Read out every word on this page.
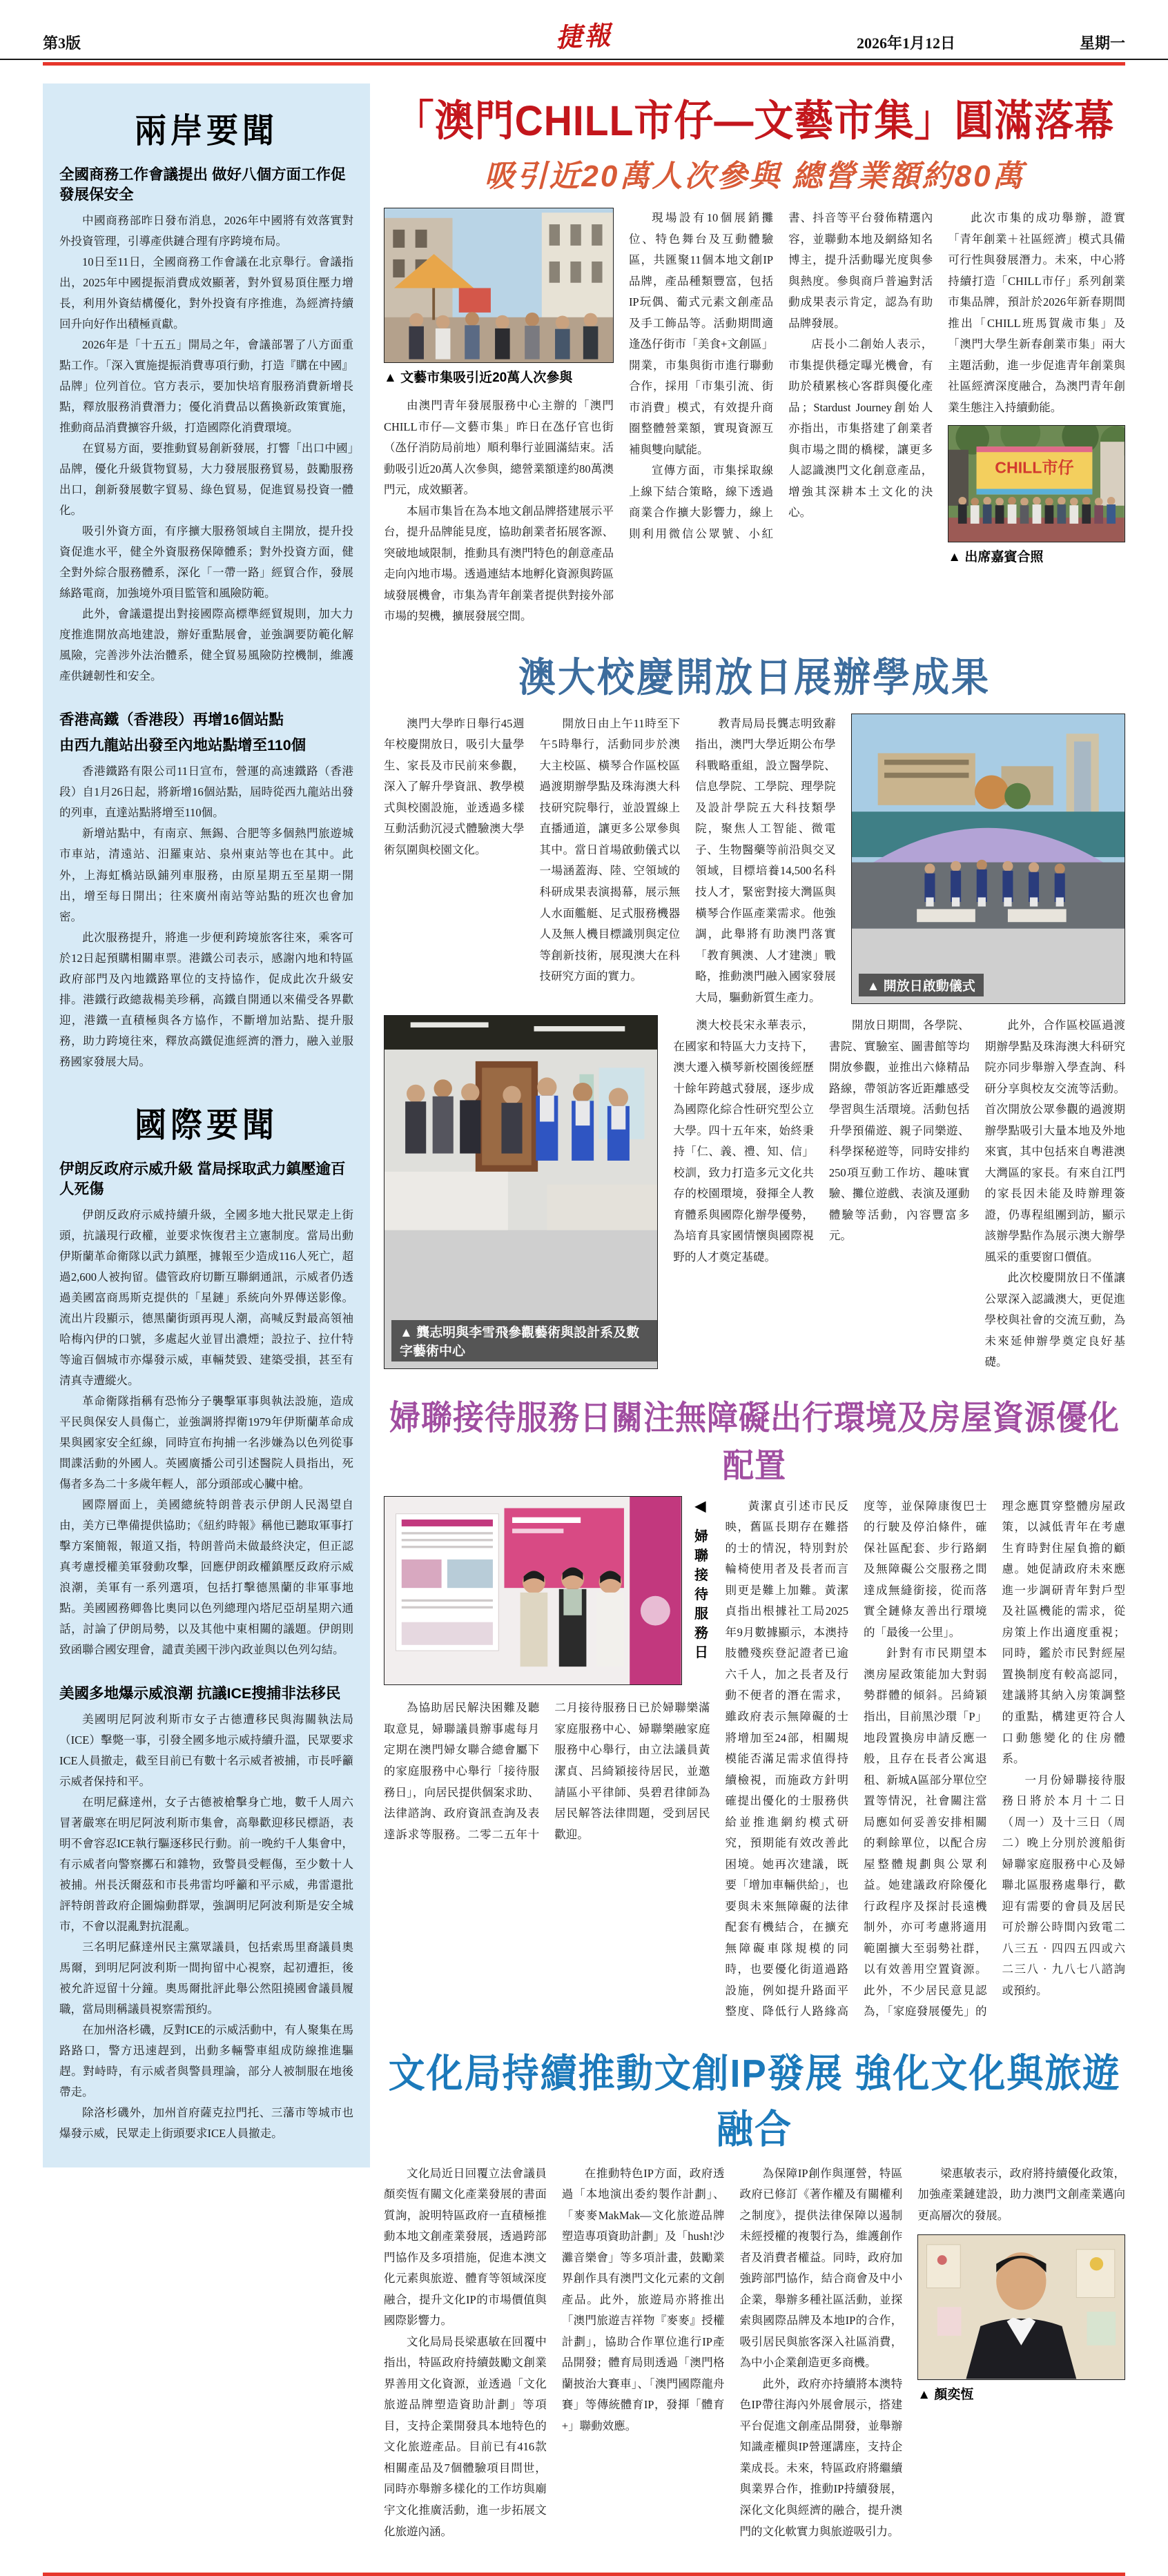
第3版	捷報	2026年1月12日	星期一
兩岸要聞
全國商務工作會議提出 做好八個方面工作促發展保安全

中國商務部昨日發布消息，2026年中國將有效落實對外投資管理，引導產供鏈合理有序跨境布局。

10日至11日，全國商務工作會議在北京舉行。會議指出，2025年中國提振消費成效顯著，對外貿易頂住壓力增長，利用外資結構優化，對外投資有序推進，為經濟持續回升向好作出積極貢獻。

2026年是「十五五」開局之年，會議部署了八方面重點工作。「深入實施提振消費專項行動，打造『購在中國』品牌」位列首位。官方表示，要加快培育服務消費新增長點，釋放服務消費潛力；優化消費品以舊換新政策實施，推動商品消費擴容升級，打造國際化消費環境。

在貿易方面，要推動貿易創新發展，打響「出口中國」品牌，優化升級貨物貿易，大力發展服務貿易，鼓勵服務出口，創新發展數字貿易、綠色貿易，促進貿易投資一體化。

吸引外資方面，有序擴大服務領域自主開放，提升投資促進水平，健全外資服務保障體系；對外投資方面，健全對外綜合服務體系，深化「一帶一路」經貿合作，發展絲路電商，加強境外項目監管和風險防範。

此外，會議還提出對接國際高標準經貿規則，加大力度推進開放高地建設，辦好重點展會，並強調要防範化解風險，完善涉外法治體系，健全貿易風險防控機制，維護產供鏈韌性和安全。

香港高鐵（香港段）再增16個站點
由西九龍站出發至內地站點增至110個

香港鐵路有限公司11日宣布，營運的高速鐵路（香港段）自1月26日起，將新增16個站點，屆時從西九龍站出發的列車，直達站點將增至110個。

新增站點中，有南京、無錫、合肥等多個熱門旅遊城市車站，清遠站、汨羅東站、泉州東站等也在其中。此外，上海虹橋站臥鋪列車服務，由原星期五至星期一開出，增至每日開出；往來廣州南站等站點的班次也會加密。

此次服務提升，將進一步便利跨境旅客往來，乘客可於12日起預購相關車票。港鐵公司表示，感謝內地和特區政府部門及內地鐵路單位的支持協作，促成此次升級安排。港鐵行政總裁楊美珍稱，高鐵自開通以來備受各界歡迎，港鐵一直積極與各方協作，不斷增加站點、提升服務，助力跨境往來，釋放高鐵促進經濟的潛力，融入並服務國家發展大局。

國際要聞
伊朗反政府示威升級 當局採取武力鎮壓逾百人死傷

伊朗反政府示威持續升級，全國多地大批民眾走上街頭，抗議現行政權，並要求恢復君主立憲制度。當局出動伊斯蘭革命衛隊以武力鎮壓，據報至少造成116人死亡，超過2,600人被拘留。儘管政府切斷互聯網通訊，示威者仍透過美國富商馬斯克提供的「星鏈」系統向外界傳送影像。流出片段顯示，德黑蘭街頭再現人潮，高喊反對最高領袖哈梅內伊的口號，多處起火並冒出濃煙；設拉子、拉什特等逾百個城市亦爆發示威，車輛焚毀、建築受損，甚至有清真寺遭縱火。

革命衛隊指稱有恐怖分子襲擊軍事與執法設施，造成平民與保安人員傷亡，並強調將捍衛1979年伊斯蘭革命成果與國家安全紅線，同時宣布拘捕一名涉嫌為以色列從事間諜活動的外國人。英國廣播公司引述醫院人員指出，死傷者多為二十多歲年輕人，部分頭部或心臟中槍。

國際層面上，美國總統特朗普表示伊朗人民渴望自由，美方已準備提供協助；《紐約時報》稱他已聽取軍事打擊方案簡報，報道又指，特朗普尚未做最終決定，但正認真考慮授權美軍發動攻擊，回應伊朗政權鎮壓反政府示威浪潮，美軍有一系列選項，包括打擊德黑蘭的非軍事地點。美國國務卿魯比奧同以色列總理內塔尼亞胡星期六通話，討論了伊朗局勢，以及其他中東相關的議題。伊朗則致函聯合國安理會，譴責美國干涉內政並與以色列勾結。

美國多地爆示威浪潮 抗議ICE搜捕非法移民

美國明尼阿波利斯市女子古德遭移民與海關執法局（ICE）擊斃一事，引發全國多地示威持續升溫，民眾要求ICE人員撤走，截至目前已有數十名示威者被捕，市長呼籲示威者保持和平。

在明尼蘇達州，女子古德被槍擊身亡地，數千人周六冒著嚴寒在明尼阿波利斯市集會，高舉歡迎移民標語，表明不會容忍ICE執行驅逐移民行動。前一晚約千人集會中，有示威者向警察擲石和雜物，致警員受輕傷，至少數十人被捕。州長沃爾茲和市長弗雷均呼籲和平示威，弗雷還批評特朗普政府企圖煽動群眾，強調明尼阿波利斯是安全城市，不會以混亂對抗混亂。

三名明尼蘇達州民主黨眾議員，包括索馬里裔議員奧馬爾，到明尼阿波利斯一間拘留中心視察，起初遭拒，後被允許逗留十分鐘。奧馬爾批評此舉公然阻撓國會議員履職，當局則稱議員視察需預約。

在加州洛杉磯，反對ICE的示威活動中，有人聚集在馬路路口，警方迅速趕到，出動多輛警車組成防線推進驅趕。對峙時，有示威者與警員理論，部分人被制服在地後帶走。

除洛杉磯外，加州首府薩克拉門托、三藩市等城市也爆發示威，民眾走上街頭要求ICE人員撤走。

「澳門CHILL市仔—文藝市集」圓滿落幕
吸引近20萬人次參與 總營業額約80萬
▲ 文藝市集吸引近20萬人次參與

由澳門青年發展服務中心主辦的「澳門CHILL市仔—文藝市集」昨日在氹仔官也街（氹仔消防局前地）順利舉行並圓滿結束。活動吸引近20萬人次參與，總營業額達約80萬澳門元，成效顯著。

本屆市集旨在為本地文創品牌搭建展示平台，提升品牌能見度，協助創業者拓展客源、突破地域限制，推動具有澳門特色的創意產品走向內地市場。透過連結本地孵化資源與跨區域發展機會，市集為青年創業者提供對接外部市場的契機，擴展發展空間。

現場設有10個展銷攤位、特色舞台及互動體驗區，共匯聚11個本地文創IP品牌，產品種類豐富，包括IP玩偶、葡式元素文創產品及手工飾品等。活動期間適逢氹仔街市「美食+文創區」開業，市集與街市進行聯動合作，採用「市集引流、街市消費」模式，有效提升商圈整體營業額，實現資源互補與雙向賦能。

宣傳方面，市集採取線上線下結合策略，線下透過商業合作擴大影響力，線上則利用微信公眾號、小紅書、抖音等平台發佈精選內容，並聯動本地及網絡知名博主，提升活動曝光度與參與熱度。參與商戶普遍對活動成果表示肯定，認為有助品牌發展。

店長小二創始人表示，市集提供穩定曝光機會，有助於積累核心客群與優化產品；Stardust Journey創始人亦指出，市集搭建了創業者與市場之間的橋樑，讓更多人認識澳門文化創意產品，增強其深耕本土文化的決心。

此次市集的成功舉辦，證實「青年創業＋社區經濟」模式具備可行性與發展潛力。未來，中心將持續打造「CHILL市仔」系列創業市集品牌，預計於2026年新春期間推出「CHILL班馬賀歲市集」及「澳門大學生新春創業市集」兩大主題活動，進一步促進青年創業與社區經濟深度融合，為澳門青年創業生態注入持續動能。

CHILL市仔
▲ 出席嘉賓合照
澳大校慶開放日展辦學成果

澳門大學昨日舉行45週年校慶開放日，吸引大量學生、家長及市民前來參觀，深入了解升學資訊、教學模式與校園設施，並透過多樣互動活動沉浸式體驗澳大學術氛圍與校園文化。

開放日由上午11時至下午5時舉行，活動同步於澳大主校區、橫琴合作區校區過渡期辦學點及珠海澳大科技研究院舉行，並設置線上直播通道，讓更多公眾參與其中。當日首場啟動儀式以一場涵蓋海、陸、空領域的科研成果表演揭幕，展示無人水面艦艇、足式服務機器人及無人機目標識別與定位等創新技術，展現澳大在科技研究方面的實力。

教青局局長龔志明致辭指出，澳門大學近期公布學科戰略重組，設立醫學院、信息學院、工學院、理學院及設計學院五大科技類學院，聚焦人工智能、微電子、生物醫藥等前沿與交叉領域，目標培養14,500名科技人才，緊密對接大灣區與橫琴合作區產業需求。他強調，此舉將有助澳門落實「教育興澳、人才建澳」戰略，推動澳門融入國家發展大局，驅動新質生產力。

▲ 開放日啟動儀式
▲ 龔志明與李雪飛參觀藝術與設計系及數字藝術中心

澳大校長宋永華表示，在國家和特區大力支持下，澳大遷入橫琴新校園後經歷十餘年跨越式發展，逐步成為國際化綜合性研究型公立大學。四十五年來，始終秉持「仁、義、禮、知、信」校訓，致力打造多元文化共存的校園環境，發揮全人教育體系與國際化辦學優勢，為培育具家國情懷與國際視野的人才奠定基礎。

開放日期間，各學院、書院、實驗室、圖書館等均開放參觀，並推出六條精品路線，帶領訪客近距離感受學習與生活環境。活動包括升學預備遊、親子同樂遊、科學探秘遊等，同時安排約250項互動工作坊、趣味實驗、攤位遊戲、表演及運動體驗等活動，內容豐富多元。

此外，合作區校區過渡期辦學點及珠海澳大科研究院亦同步舉辦入學查詢、科研分享與校友交流等活動。首次開放公眾參觀的過渡期辦學點吸引大量本地及外地來賓，其中包括來自粵港澳大灣區的家長。有來自江門的家長因未能及時辦理簽證，仍專程組團到訪，顯示該辦學點作為展示澳大辦學風采的重要窗口價值。

此次校慶開放日不僅讓公眾深入認識澳大，更促進學校與社會的交流互動，為未來延伸辦學奠定良好基礎。

婦聯接待服務日關注無障礙出行環境及房屋資源優化配置
◀ 婦聯接待服務日

為協助居民解決困難及聽取意見，婦聯議員辦事處每月定期在澳門婦女聯合總會屬下的家庭服務中心舉行「接待服務日」，向居民提供個案求助、法律諮詢、政府資訊查詢及表達訴求等服務。二零二五年十二月接待服務日已於婦聯樂滿家庭服務中心、婦聯樂融家庭服務中心舉行，由立法議員黃潔貞、呂綺穎接待居民，並邀請區小平律師、吳碧君律師為居民解答法律問題，受到居民歡迎。

黃潔貞引述市民反映，舊區長期存在難搭的士的情況，特別對於輪椅使用者及長者而言則更是難上加難。黃潔貞指出根據社工局2025年9月數據顯示，本澳持肢體殘疾登記證者已逾六千人，加之長者及行動不便者的潛在需求，雖政府表示無障礙的士將增加至24部，相關規模能否滿足需求值得持續檢視，而施政方針明確提出優化的士服務供給並推進網約模式研究，預期能有效改善此困境。她再次建議，既要「增加車輛供給」，也要與未來無障礙的法律配套有機結合，在擴充無障礙車隊規模的同時，也要優化街道過路設施，例如提升路面平整度、降低行人路緣高度等，並保障康復巴士的行駛及停泊條件，確保社區配套、步行路網及無障礙公交服務之間達成無縫銜接，從而落實全鏈條友善出行環境的「最後一公里」。

針對有市民期望本澳房屋政策能加大對弱勢群體的傾斜。呂綺穎指出，目前黑沙環「P」地段置換房申請反應一般，且存在長者公寓退租、新城A區部分單位空置等情況，社會關注當局應如何妥善安排相關的剩餘單位，以配合房屋整體規劃與公眾利益。她建議政府除優化行政程序及探討長遠機制外，亦可考慮將適用範圍擴大至弱勢社群，以有效善用空置資源。此外，不少居民意見認為，「家庭發展優先」的理念應貫穿整體房屋政策，以減低青年在考慮生育時對住屋負擔的顧慮。她促請政府未來應進一步調研青年對戶型及社區機能的需求，從房策上作出適度重視；同時，鑑於市民對經屋置換制度有較高認同，建議將其納入房策調整的重點，構建更符合人口動態變化的住房體系。

一月份婦聯接待服務日將於本月十二日（周一）及十三日（周二）晚上分別於渡船街婦聯家庭服務中心及婦聯北區服務處舉行，歡迎有需要的會員及居民可於辦公時間內致電二八三五‧四四五四或六二三八‧九八七八諮詢或預約。

文化局持續推動文創IP發展 強化文化與旅遊融合

文化局近日回覆立法會議員顏奕恆有關文化產業發展的書面質詢，說明特區政府一直積極推動本地文創產業發展，透過跨部門協作及多項措施，促進本澳文化元素與旅遊、體育等領域深度融合，提升文化IP的市場價值與國際影響力。

文化局局長梁惠敏在回覆中指出，特區政府持續鼓勵文創業界善用文化資源，並透過「文化旅遊品牌塑造資助計劃」等項目，支持企業開發具本地特色的文化旅遊產品。目前已有416款相關產品及7個體驗項目問世，同時亦舉辦多樣化的工作坊與廟宇文化推廣活動，進一步拓展文化旅遊內涵。

在推動特色IP方面，政府透過「本地演出委約製作計劃」、「麥麥MakMak—文化旅遊品牌塑造專項資助計劃」及「hush!沙灘音樂會」等多項計畫，鼓勵業界創作具有澳門文化元素的文創產品。此外，旅遊局亦將推出「澳門旅遊吉祥物『麥麥』授權計劃」，協助合作單位進行IP產品開發；體育局則透過「澳門格蘭披治大賽車」、「澳門國際龍舟賽」等傳統體育IP，發揮「體育+」聯動效應。

為保障IP創作與運營，特區政府已修訂《著作權及有關權利之制度》，提供法律保障以遏制未經授權的複製行為，維護創作者及消費者權益。同時，政府加強跨部門協作，結合商會及中小企業，舉辦多種社區活動，並探索與國際品牌及本地IP的合作，吸引居民與旅客深入社區消費，為中小企業創造更多商機。

此外，政府亦持續將本澳特色IP帶往海內外展會展示，搭建平台促進文創產品開發，並舉辦知識產權與IP營運講座，支持企業成長。未來，特區政府將繼續與業界合作，推動IP持續發展，深化文化與經濟的融合，提升澳門的文化軟實力與旅遊吸引力。

梁惠敏表示，政府將持續優化政策，加強產業鏈建設，助力澳門文創產業邁向更高層次的發展。

▲ 顏奕恆
